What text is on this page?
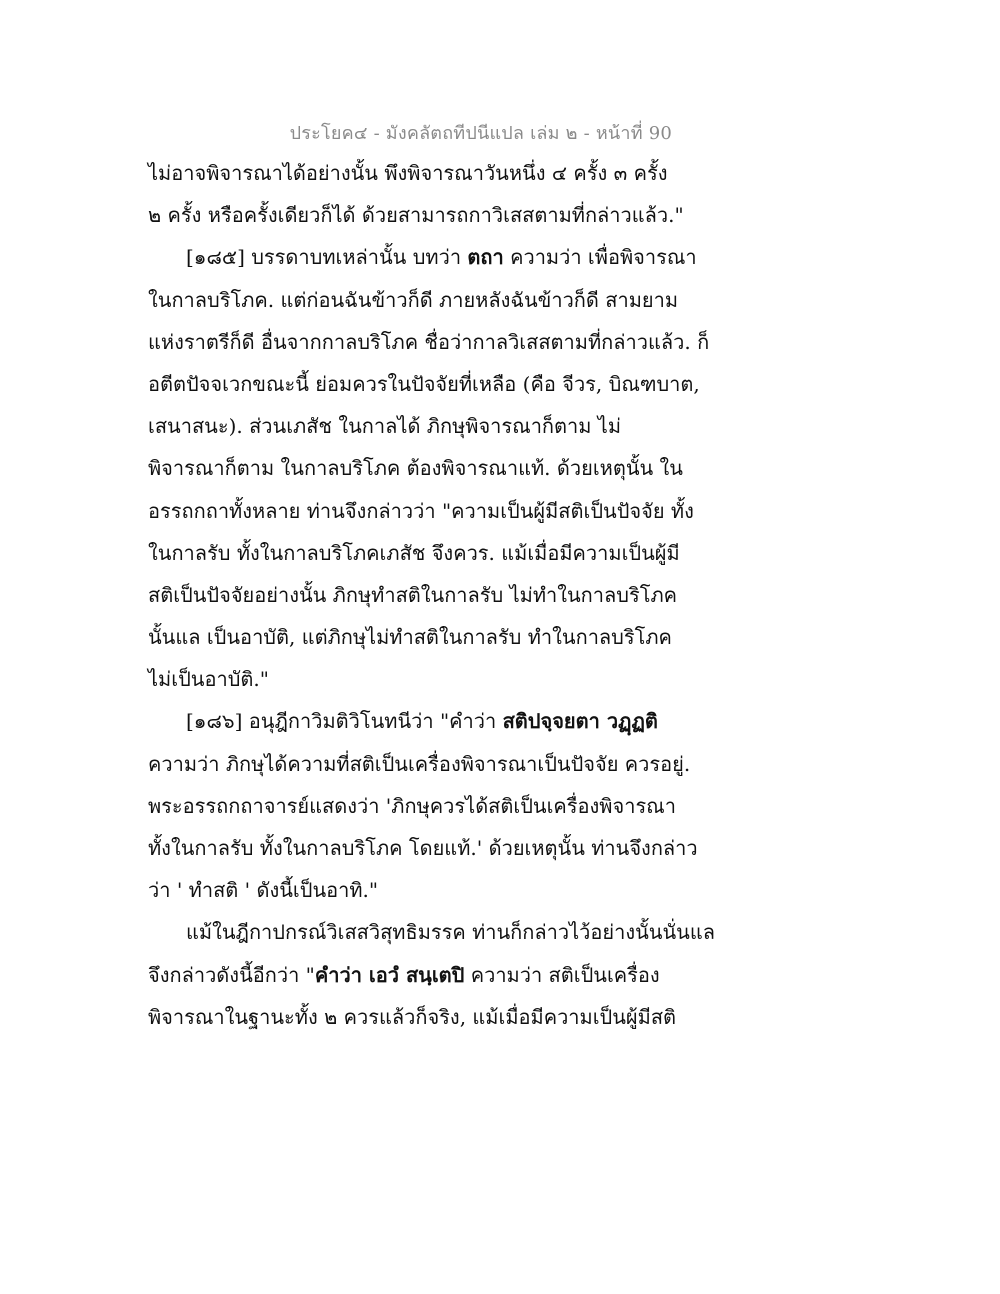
ประโยค๔ - มังคลัตถทีปนีแปล เล่ม ๒ - หน้าที่ 90
ไม่อาจพิจารณาได้อย่างนั้น พึงพิจารณาวันหนึ่ง ๔ ครั้ง ๓ ครั้ง
๒ ครั้ง หรือครั้งเดียวก็ได้ ด้วยสามารถกาวิเสสตามที่กล่าวแล้ว."
[๑๘๕] บรรดาบทเหล่านั้น บทว่า ตถา ความว่า เพื่อพิจารณา
ในกาลบริโภค. แต่ก่อนฉันข้าวก็ดี ภายหลังฉันข้าวก็ดี สามยาม
แห่งราตรีก็ดี อื่นจากกาลบริโภค ชื่อว่ากาลวิเสสตามที่กล่าวแล้ว. ก็
อตีตปัจจเวกขณะนี้ ย่อมควรในปัจจัยที่เหลือ (คือ จีวร, บิณฑบาต,
เสนาสนะ). ส่วนเภสัช ในกาลได้ ภิกษุพิจารณาก็ตาม ไม่
พิจารณาก็ตาม ในกาลบริโภค ต้องพิจารณาแท้. ด้วยเหตุนั้น ใน
อรรถกถาทั้งหลาย ท่านจึงกล่าวว่า "ความเป็นผู้มีสติเป็นปัจจัย ทั้ง
ในกาลรับ ทั้งในกาลบริโภคเภสัช จึงควร. แม้เมื่อมีความเป็นผู้มี
สติเป็นปัจจัยอย่างนั้น ภิกษุทำสติในกาลรับ ไม่ทำในกาลบริโภค
นั้นแล เป็นอาบัติ, แต่ภิกษุไม่ทำสติในกาลรับ ทำในกาลบริโภค
ไม่เป็นอาบัติ."
[๑๘๖] อนุฎีกาวิมติวิโนทนีว่า "คำว่า สติปจฺจยตา วฏฺฏติ
ความว่า ภิกษุได้ความที่สติเป็นเครื่องพิจารณาเป็นปัจจัย ควรอยู่.
พระอรรถกถาจารย์แสดงว่า 'ภิกษุควรได้สติเป็นเครื่องพิจารณา
ทั้งในกาลรับ ทั้งในกาลบริโภค โดยแท้.' ด้วยเหตุนั้น ท่านจึงกล่าว
ว่า ' ทำสติ ' ดังนี้เป็นอาทิ."
แม้ในฎีกาปกรณ์วิเสสวิสุทธิมรรค ท่านก็กล่าวไว้อย่างนั้นนั่นแล
จึงกล่าวดังนี้อีกว่า "คำว่า เอวํ สนฺเตปิ ความว่า สติเป็นเครื่อง
พิจารณาในฐานะทั้ง ๒ ควรแล้วก็จริง, แม้เมื่อมีความเป็นผู้มีสติ
